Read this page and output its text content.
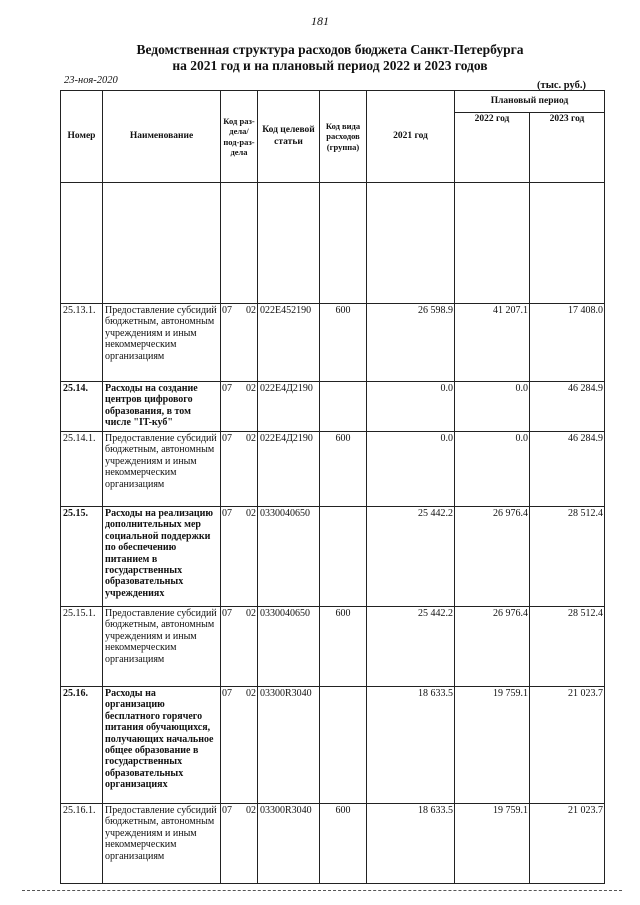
181
Ведомственная структура расходов бюджета Санкт-Петербурга
на 2021 год и на плановый период 2022 и 2023 годов
23-ноя-2020	(тыс. руб.)
Номер	Наименование	Код раз-дела/ под-раз-дела	Код целевой статьи	Код вида расходов (группа)	2021 год	Плановый период	
						2022 год	2023 год

25.13.1.	Предоставление субсидий бюджетным, автономным учреждениям и иным некоммерческим организациям	07 02	022E452190	600	26 598.9	41 207.1	17 408.0
25.14.	Расходы на создание центров цифрового образования, в том числе "IT-куб"	07 02	022E4Д2190		0.0	0.0	46 284.9
25.14.1.	Предоставление субсидий бюджетным, автономным учреждениям и иным некоммерческим организациям	07 02	022E4Д2190	600	0.0	0.0	46 284.9
25.15.	Расходы на реализацию дополнительных мер социальной поддержки по обеспечению питанием в государственных образовательных учреждениях	07 02	0330040650		25 442.2	26 976.4	28 512.4
25.15.1.	Предоставление субсидий бюджетным, автономным учреждениям и иным некоммерческим организациям	07 02	0330040650	600	25 442.2	26 976.4	28 512.4
25.16.	Расходы на организацию бесплатного горячего питания обучающихся, получающих начальное общее образование в государственных образовательных организациях	07 02	03300R3040		18 633.5	19 759.1	21 023.7
25.16.1.	Предоставление субсидий бюджетным, автономным учреждениям и иным некоммерческим организациям	07 02	03300R3040	600	18 633.5	19 759.1	21 023.7
